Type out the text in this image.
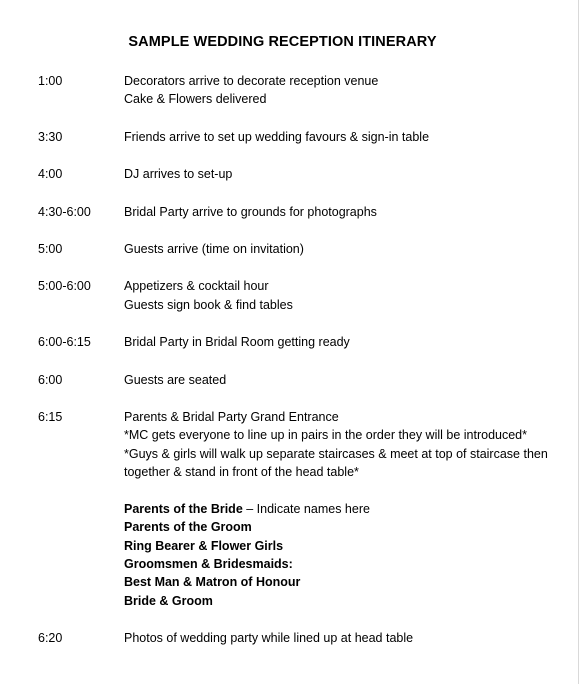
SAMPLE WEDDING RECEPTION ITINERARY
1:00	Decorators arrive to decorate reception venue
Cake & Flowers delivered
3:30	Friends arrive to set up wedding favours & sign-in table
4:00	DJ arrives to set-up
4:30-6:00	Bridal Party arrive to grounds for photographs
5:00	Guests arrive (time on invitation)
5:00-6:00	Appetizers & cocktail hour
Guests sign book & find tables
6:00-6:15	Bridal Party in Bridal Room getting ready
6:00	Guests are seated
6:15	Parents & Bridal Party Grand Entrance
*MC gets everyone to line up in pairs in the order they will be introduced*
*Guys & girls will walk up separate staircases & meet at top of staircase then
together & stand in front of the head table*
Parents of the Bride – Indicate names here
Parents of the Groom
Ring Bearer & Flower Girls
Groomsmen & Bridesmaids:
Best Man & Matron of Honour
Bride & Groom
6:20	Photos of wedding party while lined up at head table
